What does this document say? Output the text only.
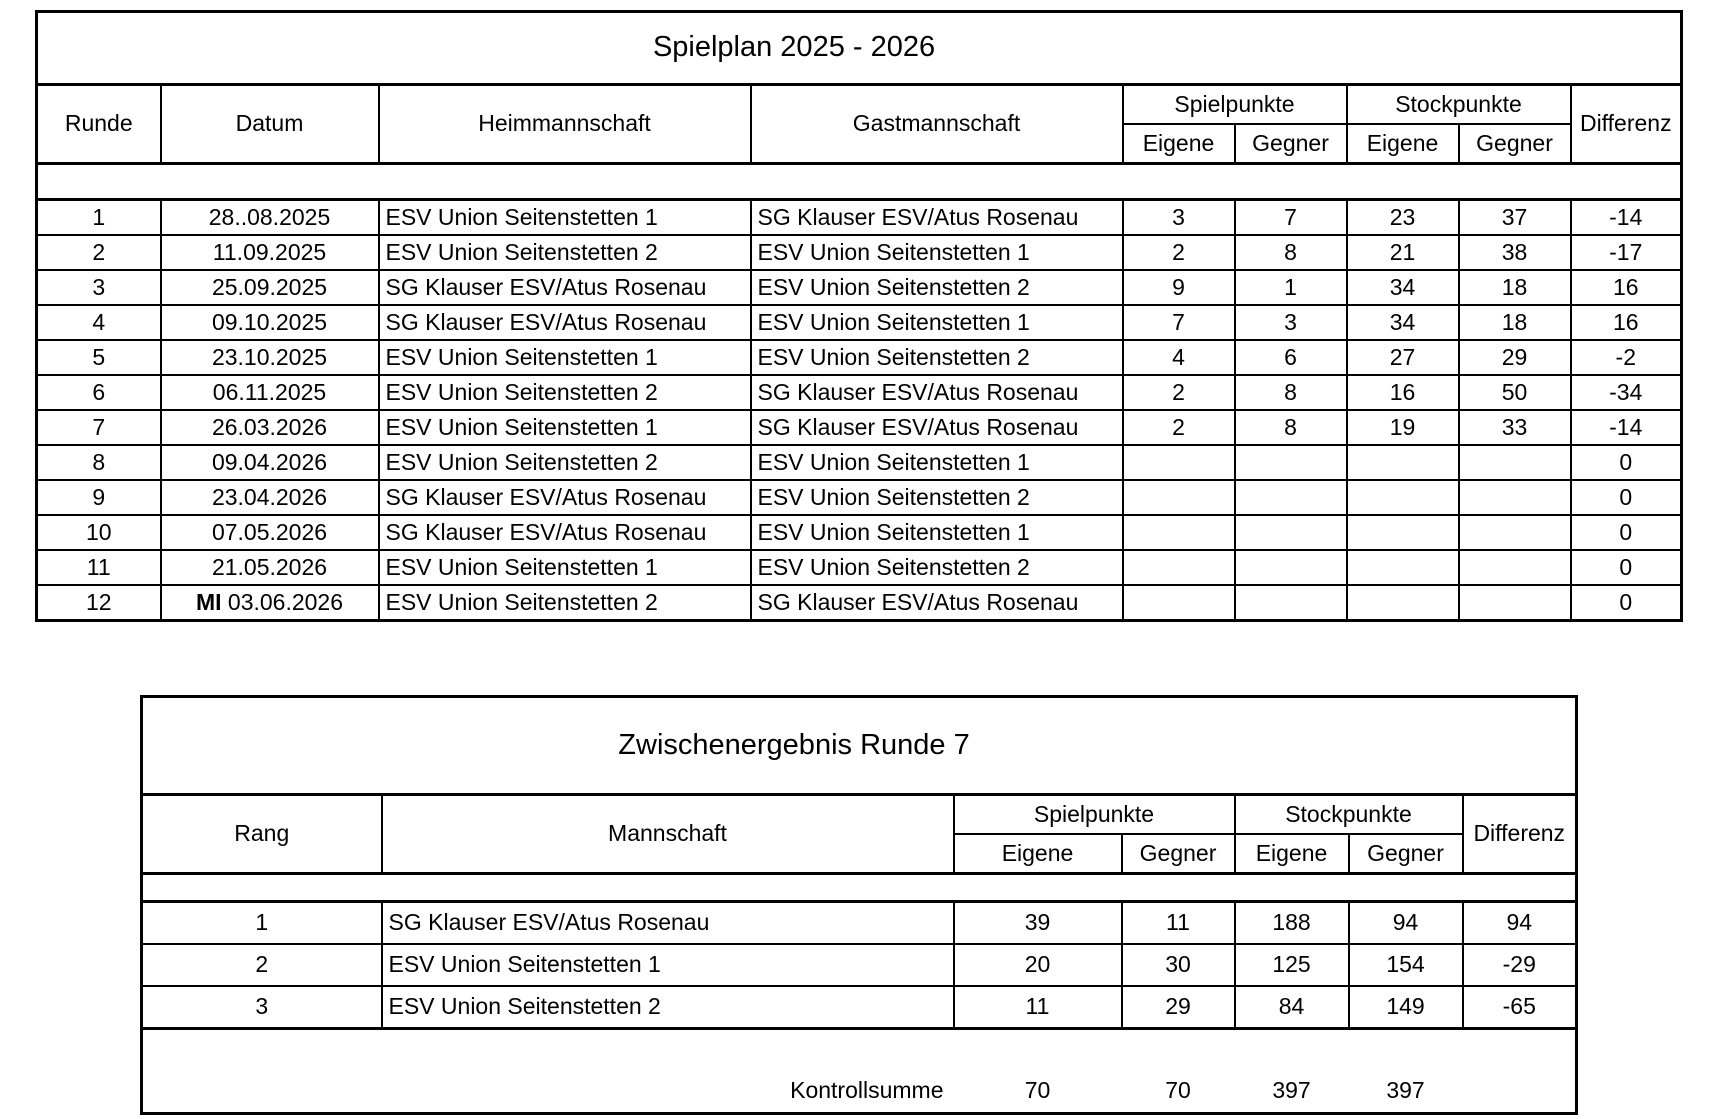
Spielplan 2025 - 2026								
Runde	Datum	Heimmannschaft	Gastmannschaft	Spielpunkte		Stockpunkte		Differenz
				Eigene	Gegner	Eigene	Gegner	

1	28..08.2025	ESV Union Seitenstetten 1	SG Klauser ESV/Atus Rosenau	3	7	23	37	-14
2	11.09.2025	ESV Union Seitenstetten 2	ESV Union Seitenstetten 1	2	8	21	38	-17
3	25.09.2025	SG Klauser ESV/Atus Rosenau	ESV Union Seitenstetten 2	9	1	34	18	16
4	09.10.2025	SG Klauser ESV/Atus Rosenau	ESV Union Seitenstetten 1	7	3	34	18	16
5	23.10.2025	ESV Union Seitenstetten 1	ESV Union Seitenstetten 2	4	6	27	29	-2
6	06.11.2025	ESV Union Seitenstetten 2	SG Klauser ESV/Atus Rosenau	2	8	16	50	-34
7	26.03.2026	ESV Union Seitenstetten 1	SG Klauser ESV/Atus Rosenau	2	8	19	33	-14
8	09.04.2026	ESV Union Seitenstetten 2	ESV Union Seitenstetten 1					0
9	23.04.2026	SG Klauser ESV/Atus Rosenau	ESV Union Seitenstetten 2					0
10	07.05.2026	SG Klauser ESV/Atus Rosenau	ESV Union Seitenstetten 1					0
11	21.05.2026	ESV Union Seitenstetten 1	ESV Union Seitenstetten 2					0
12	MI 03.06.2026	ESV Union Seitenstetten 2	SG Klauser ESV/Atus Rosenau					0
Zwischenergebnis Runde 7						
Rang	Mannschaft	Spielpunkte		Stockpunkte		Differenz
		Eigene	Gegner	Eigene	Gegner	

1	SG Klauser ESV/Atus Rosenau	39	11	188	94	94
2	ESV Union Seitenstetten 1	20	30	125	154	-29
3	ESV Union Seitenstetten 2	11	29	84	149	-65

Kontrollsumme		70	70	397	397	
